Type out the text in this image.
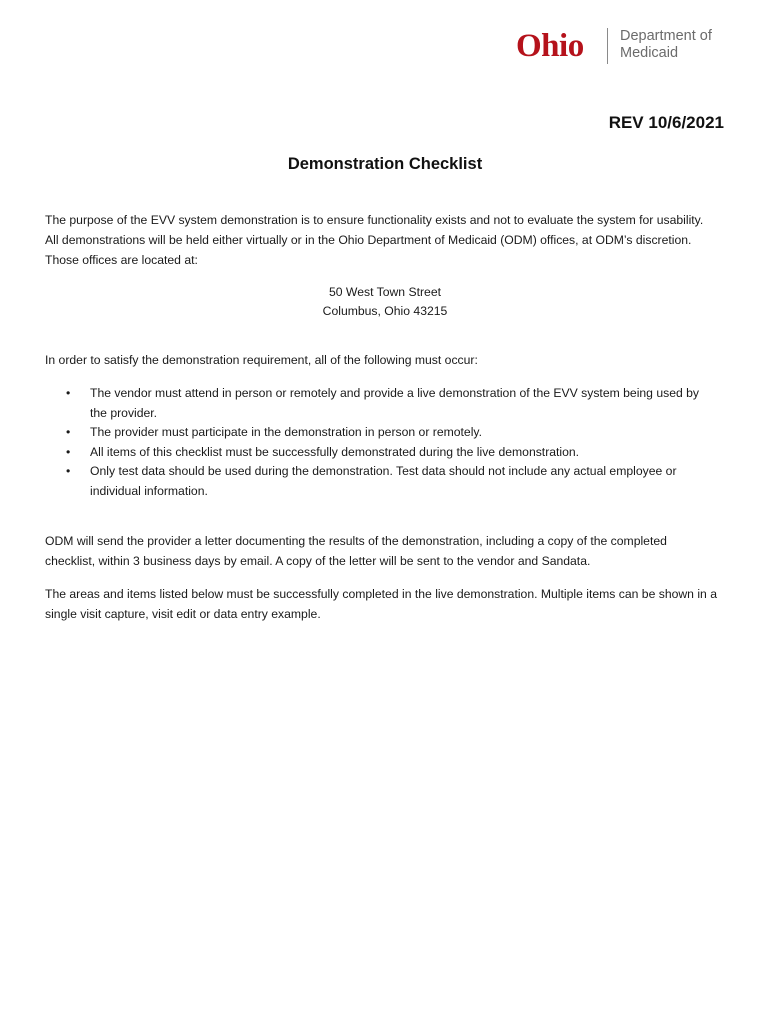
Ohio	Department of
Medicaid
REV 10/6/2021
Demonstration Checklist

The purpose of the EVV system demonstration is to ensure functionality exists and not to evaluate the system for usability. All demonstrations will be held either virtually or in the Ohio Department of Medicaid (ODM) offices, at ODM’s discretion. Those offices are located at:

50 West Town Street
Columbus, Ohio 43215

In order to satisfy the demonstration requirement, all of the following must occur:

• The vendor must attend in person or remotely and provide a live demonstration of the EVV system being used by the provider.
• The provider must participate in the demonstration in person or remotely.
• All items of this checklist must be successfully demonstrated during the live demonstration.
• Only test data should be used during the demonstration. Test data should not include any actual employee or individual information.

ODM will send the provider a letter documenting the results of the demonstration, including a copy of the completed checklist, within 3 business days by email. A copy of the letter will be sent to the vendor and Sandata.

The areas and items listed below must be successfully completed in the live demonstration. Multiple items can be shown in a single visit capture, visit edit or data entry example.
